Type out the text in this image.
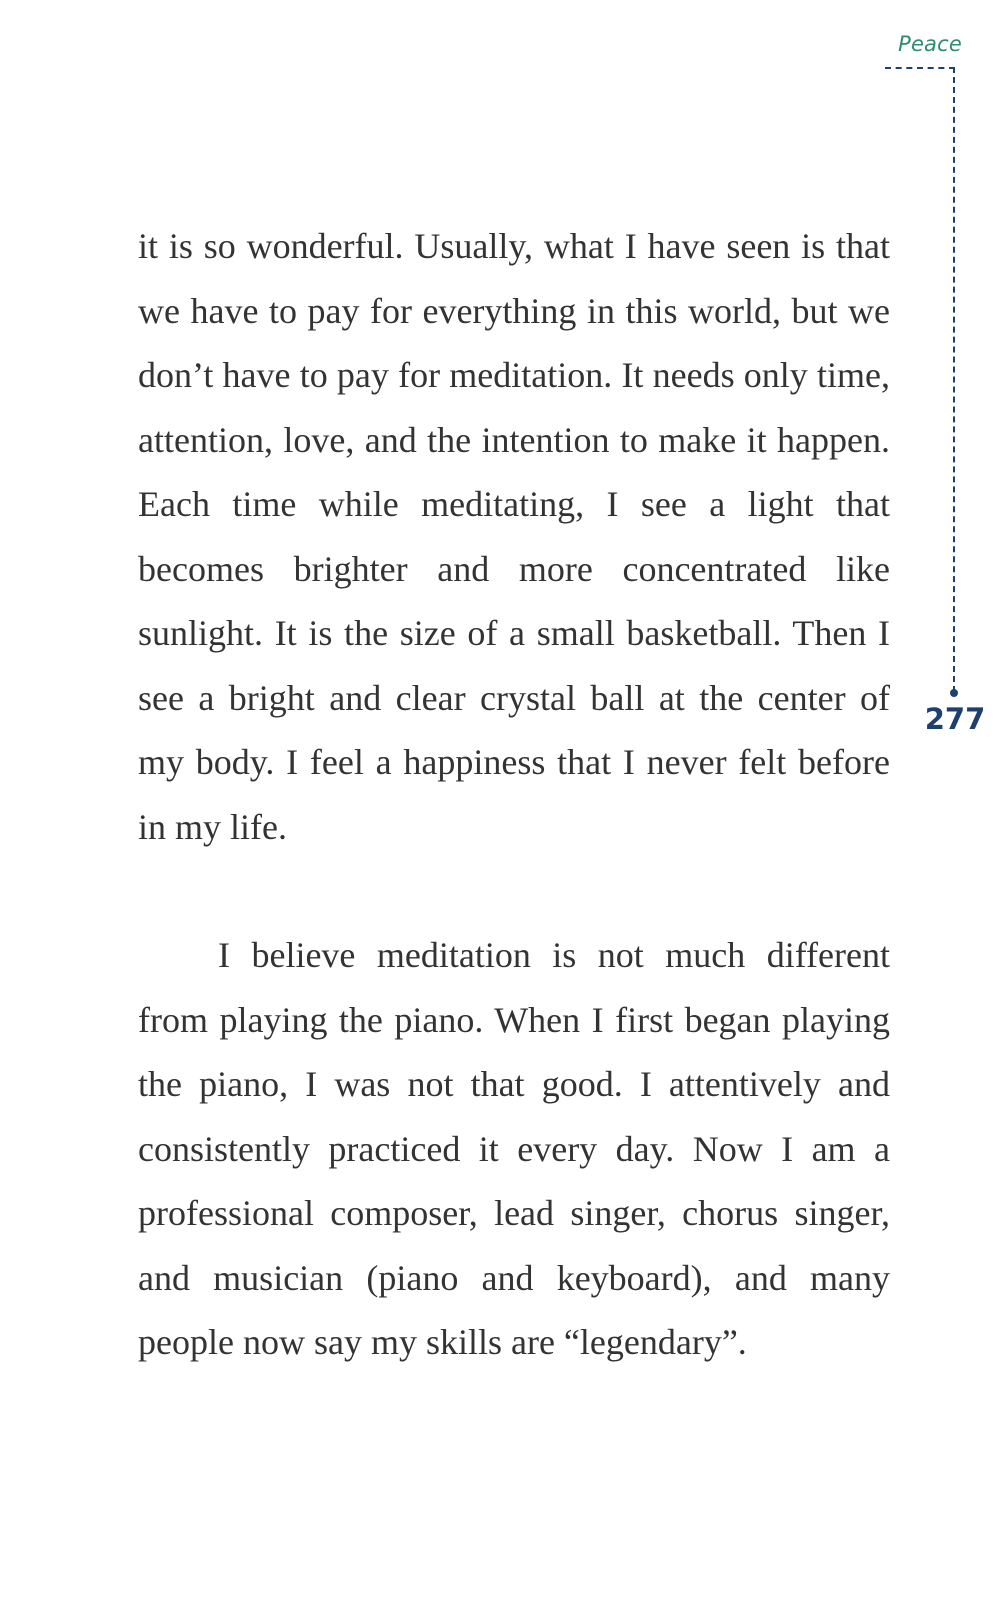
Peace
277

it is so wonderful. Usually, what I have seen is that we have to pay for everything in this world, but we don’t have to pay for meditation. It needs only time, attention, love, and the intention to make it happen. Each time while meditating, I see a light that becomes brighter and more concentrated like sunlight. It is the size of a small basketball. Then I see a bright and clear crystal ball at the center of my body. I feel a happiness that I never felt before in my life.

I believe meditation is not much different from playing the piano. When I first began playing the piano, I was not that good. I attentively and consistently practiced it every day. Now I am a professional composer, lead singer, chorus singer, and musician (piano and keyboard), and many people now say my skills are “legendary”.
